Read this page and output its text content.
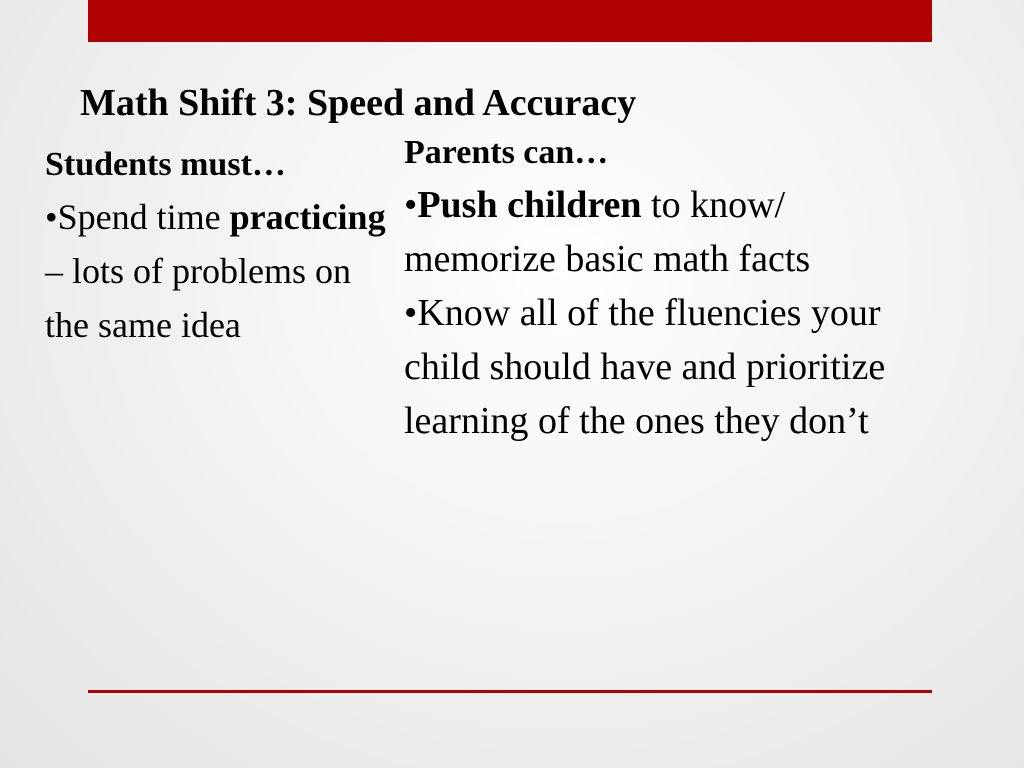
Math Shift 3: Speed and Accuracy

Students must…

•Spend time practicing – lots of problems on the same idea

Parents can…

•Push children to know/ memorize basic math facts

•Know all of the fluencies your child should have and prioritize learning of the ones they don’t
